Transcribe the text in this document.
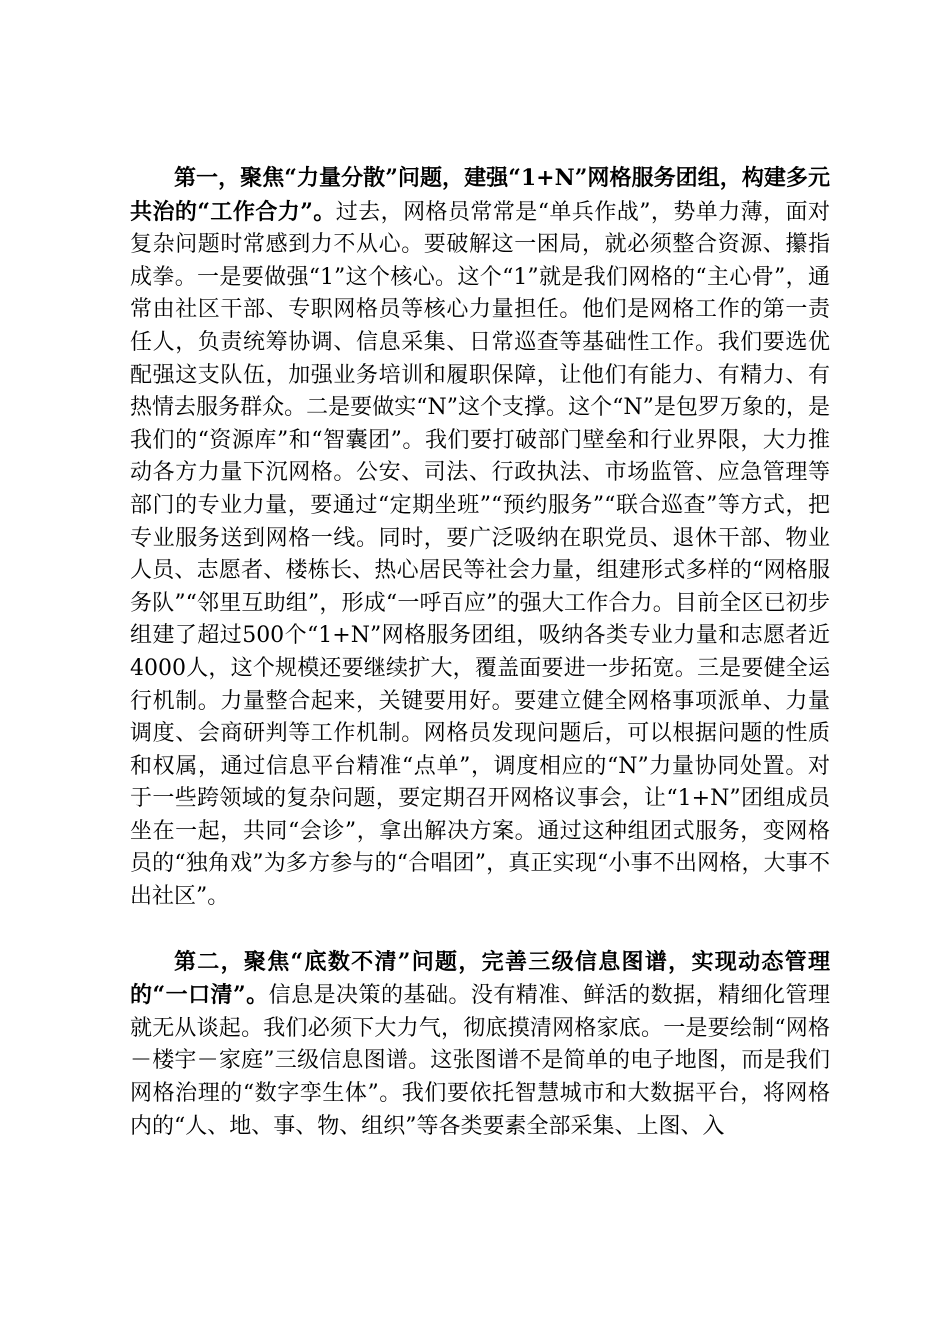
第一，聚焦“力量分散”问题，建强“1+N”网格服务团组，构建多元共治的“工作合力”。过去，网格员常常是“单兵作战”，势单力薄，面对复杂问题时常感到力不从心。要破解这一困局，就必须整合资源、攥指成拳。一是要做强“1”这个核心。这个“1”就是我们网格的“主心骨”，通常由社区干部、专职网格员等核心力量担任。他们是网格工作的第一责任人，负责统筹协调、信息采集、日常巡查等基础性工作。我们要选优配强这支队伍，加强业务培训和履职保障，让他们有能力、有精力、有热情去服务群众。二是要做实“N”这个支撑。这个“N”是包罗万象的，是我们的“资源库”和“智囊团”。我们要打破部门壁垒和行业界限，大力推动各方力量下沉网格。公安、司法、行政执法、市场监管、应急管理等部门的专业力量，要通过“定期坐班”“预约服务”“联合巡查”等方式，把专业服务送到网格一线。同时，要广泛吸纳在职党员、退休干部、物业人员、志愿者、楼栋长、热心居民等社会力量，组建形式多样的“网格服务队”“邻里互助组”，形成“一呼百应”的强大工作合力。目前全区已初步组建了超过500个“1+N”网格服务团组，吸纳各类专业力量和志愿者近4000人，这个规模还要继续扩大，覆盖面要进一步拓宽。三是要健全运行机制。力量整合起来，关键要用好。要建立健全网格事项派单、力量调度、会商研判等工作机制。网格员发现问题后，可以根据问题的性质和权属，通过信息平台精准“点单”，调度相应的“N”力量协同处置。对于一些跨领域的复杂问题，要定期召开网格议事会，让“1+N”团组成员坐在一起，共同“会诊”，拿出解决方案。通过这种组团式服务，变网格员的“独角戏”为多方参与的“合唱团”，真正实现“小事不出网格，大事不出社区”。

第二，聚焦“底数不清”问题，完善三级信息图谱，实现动态管理的“一口清”。信息是决策的基础。没有精准、鲜活的数据，精细化管理就无从谈起。我们必须下大力气，彻底摸清网格家底。一是要绘制“网格－楼宇－家庭”三级信息图谱。这张图谱不是简单的电子地图，而是我们网格治理的“数字孪生体”。我们要依托智慧城市和大数据平台，将网格内的“人、地、事、物、组织”等各类要素全部采集、上图、入
